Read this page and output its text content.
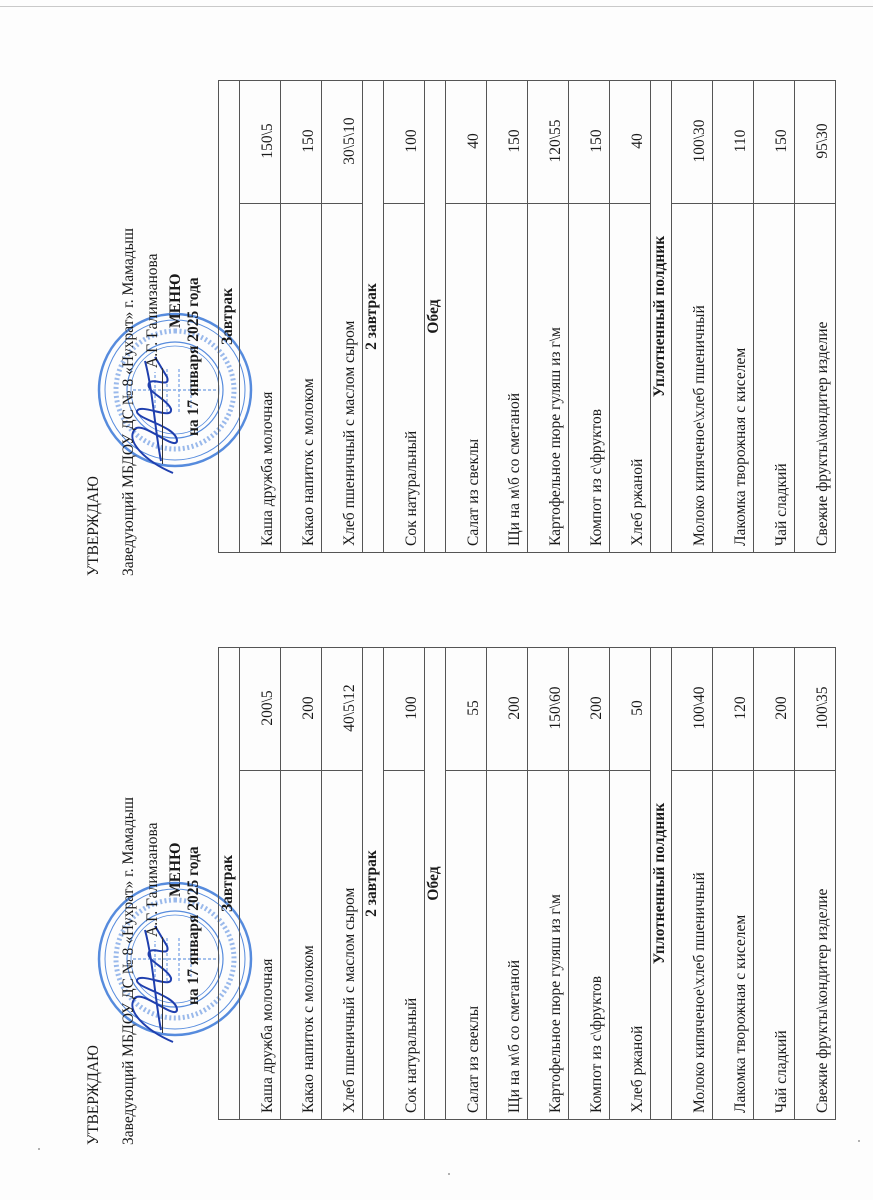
УТВЕРЖДАЮ Заведующий МБДОУ ДС № 8 «Нухрат» г. Мамадыш А.Г. Галимзанова МЕНЮ на 17 января 2025 года Завтрак	
Каша дружба молочная	200\5
Какао напиток с молоком	200
Хлеб пшеничный с маслом сыром	40\5\12
2 завтрак	
Сок натуральный	100
Обед	
Салат из свеклы	55
Щи на м\б со сметаной	200
Картофельное пюре гуляш из г\м	150\60
Компот из с\фруктов	200
Хлеб ржаной	50
Уплотненный полдник	
Молоко кипяченое\хлеб пшеничный	100\40
Лакомка творожная с киселем	120
Чай сладкий	200
Свежие фрукты\кондитер изделие	100\35
УТВЕРЖДАЮ Заведующий МБДОУ ДС № 8 «Нухрат» г. Мамадыш А.Г. Галимзанова МЕНЮ на 17 января 2025 года Завтрак	
Каша дружба молочная	150\5
Какао напиток с молоком	150
Хлеб пшеничный с маслом сыром	30\5\10
2 завтрак	
Сок натуральный	100
Обед	
Салат из свеклы	40
Щи на м\б со сметаной	150
Картофельное пюре гуляш из г\м	120\55
Компот из с\фруктов	150
Хлеб ржаной	40
Уплотненный полдник	
Молоко кипяченое\хлеб пшеничный	100\30
Лакомка творожная с киселем	110
Чай сладкий	150
Свежие фрукты\кондитер изделие	95\30
